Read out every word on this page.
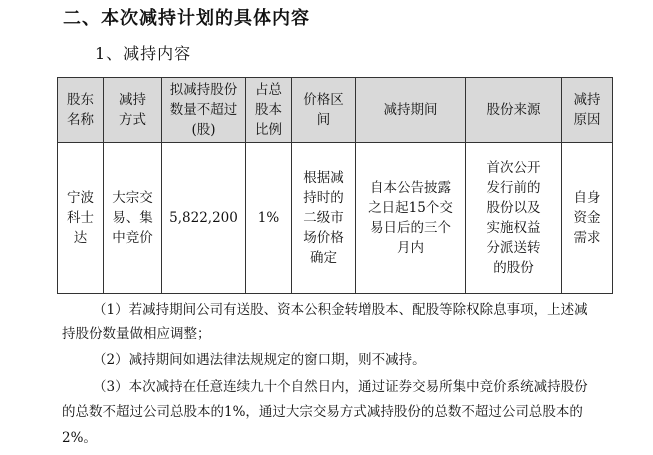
二、本次减持计划的具体内容
1、减持内容
股东名称	减持方式	拟减持股份数量不超过(股)	占总股本比例	价格区间	减持期间	股份来源	减持原因

宁波科士达	大宗交易、集中竞价	5,822,200	1%	根据减持时的二级市场价格确定	自本公告披露之日起15个交易日后的三个月内	首次公开发行前的股份以及实施权益分派送转的股份	自身资金需求
（1）若减持期间公司有送股、资本公积金转增股本、配股等除权除息事项，上述减
持股份数量做相应调整；
（2）减持期间如遇法律法规规定的窗口期，则不减持。
（3）本次减持在任意连续九十个自然日内，通过证券交易所集中竞价系统减持股份
的总数不超过公司总股本的1%，通过大宗交易方式减持股份的总数不超过公司总股本的
2%。
